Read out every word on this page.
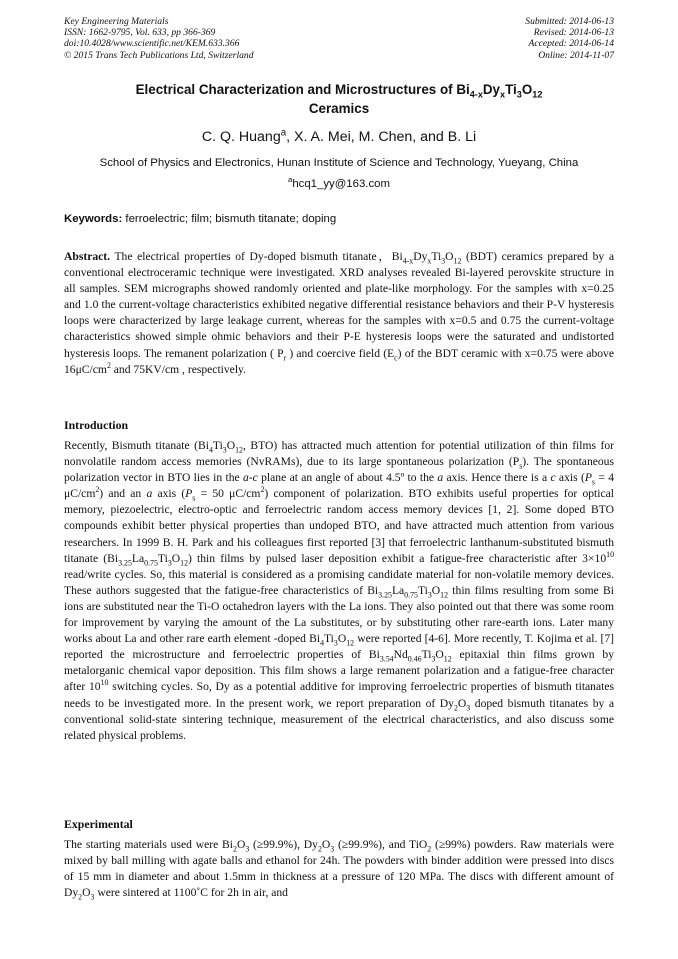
Key Engineering Materials
ISSN: 1662-9795, Vol. 633, pp 366-369
doi:10.4028/www.scientific.net/KEM.633.366
© 2015 Trans Tech Publications Ltd, Switzerland
Submitted: 2014-06-13
Revised: 2014-06-13
Accepted: 2014-06-14
Online: 2014-11-07
Electrical Characterization and Microstructures of $Bi_{4-x}Dy_xTi_3O_{12}$
Ceramics
C. Q. Huang$^a$, X. A. Mei, M. Chen, and B. Li
School of Physics and Electronics, Hunan Institute of Science and Technology, Yueyang, China
$^a$hcq1_yy@163.com
Keywords: ferroelectric; film; bismuth titanate; doping

Abstract. The electrical properties of Dy-doped bismuth titanate，$Bi_{4-x}Dy_xTi_3O_{12}$ (BDT) ceramics prepared by a conventional electroceramic technique were investigated. XRD analyses revealed Bi-layered perovskite structure in all samples. SEM micrographs showed randomly oriented and plate-like morphology. For the samples with x=0.25 and 1.0 the current-voltage characteristics exhibited negative differential resistance behaviors and their P-V hysteresis loops were characterized by large leakage current, whereas for the samples with x=0.5 and 0.75 the current-voltage characteristics showed simple ohmic behaviors and their P-E hysteresis loops were the saturated and undistorted hysteresis loops. The remanent polarization ( $P_r$ ) and coercive field $(E_c)$ of the BDT ceramic with x=0.75 were above $16\mu C/cm^2$ and 75KV/cm , respectively.

Introduction

Recently, Bismuth titanate ($Bi_4Ti_3O_{12}$, BTO) has attracted much attention for potential utilization of thin films for nonvolatile random access memories (NvRAMs), due to its large spontaneous polarization $(P_s)$. The spontaneous polarization vector in BTO lies in the a-c plane at an angle of about 4.5º to the a axis. Hence there is a c axis ($P_s = 4$ $\mu C/cm^2$) and an a axis ($P_s = 50$ $\mu C/cm^2$) component of polarization. BTO exhibits useful properties for optical memory, piezoelectric, electro-optic and ferroelectric random access memory devices [1, 2]. Some doped BTO compounds exhibit better physical properties than undoped BTO, and have attracted much attention from various researchers. In 1999 B. H. Park and his colleagues first reported [3] that ferroelectric lanthanum-substituted bismuth titanate $(Bi_{3.25}La_{0.75}Ti_3O_{12})$ thin films by pulsed laser deposition exhibit a fatigue-free characteristic after $3\times 10^{10}$ read/write cycles. So, this material is considered as a promising candidate material for non-volatile memory devices. These authors suggested that the fatigue-free characteristics of $Bi_{3.25}La_{0.75}Ti_3O_{12}$ thin films resulting from some Bi ions are substituted near the Ti-O octahedron layers with the La ions. They also pointed out that there was some room for improvement by varying the amount of the La substitutes, or by substituting other rare-earth ions. Later many works about La and other rare earth element -doped $Bi_4Ti_3O_{12}$ were reported [4-6]. More recently, T. Kojima et al. [7] reported the microstructure and ferroelectric properties of $Bi_{3.54}Nd_{0.46}Ti_3O_{12}$ epitaxial thin films grown by metalorganic chemical vapor deposition. This film shows a large remanent polarization and a fatigue-free character after $10^{10}$ switching cycles. So, Dy as a potential additive for improving ferroelectric properties of bismuth titanates needs to be investigated more. In the present work, we report preparation of $Dy_2O_3$ doped bismuth titanates by a conventional solid-state sintering technique, measurement of the electrical characteristics, and also discuss some related physical problems.

Experimental

The starting materials used were $Bi_2O_3$ (≥99.9%), $Dy_2O_3$ (≥99.9%), and TiO$_2$ (≥99%) powders. Raw materials were mixed by ball milling with agate balls and ethanol for 24h. The powders with binder addition were pressed into discs of 15 mm in diameter and about 1.5mm in thickness at a pressure of 120 MPa. The discs with different amount of $Dy_2O_3$ were sintered at 1100˚C for 2h in air, and
